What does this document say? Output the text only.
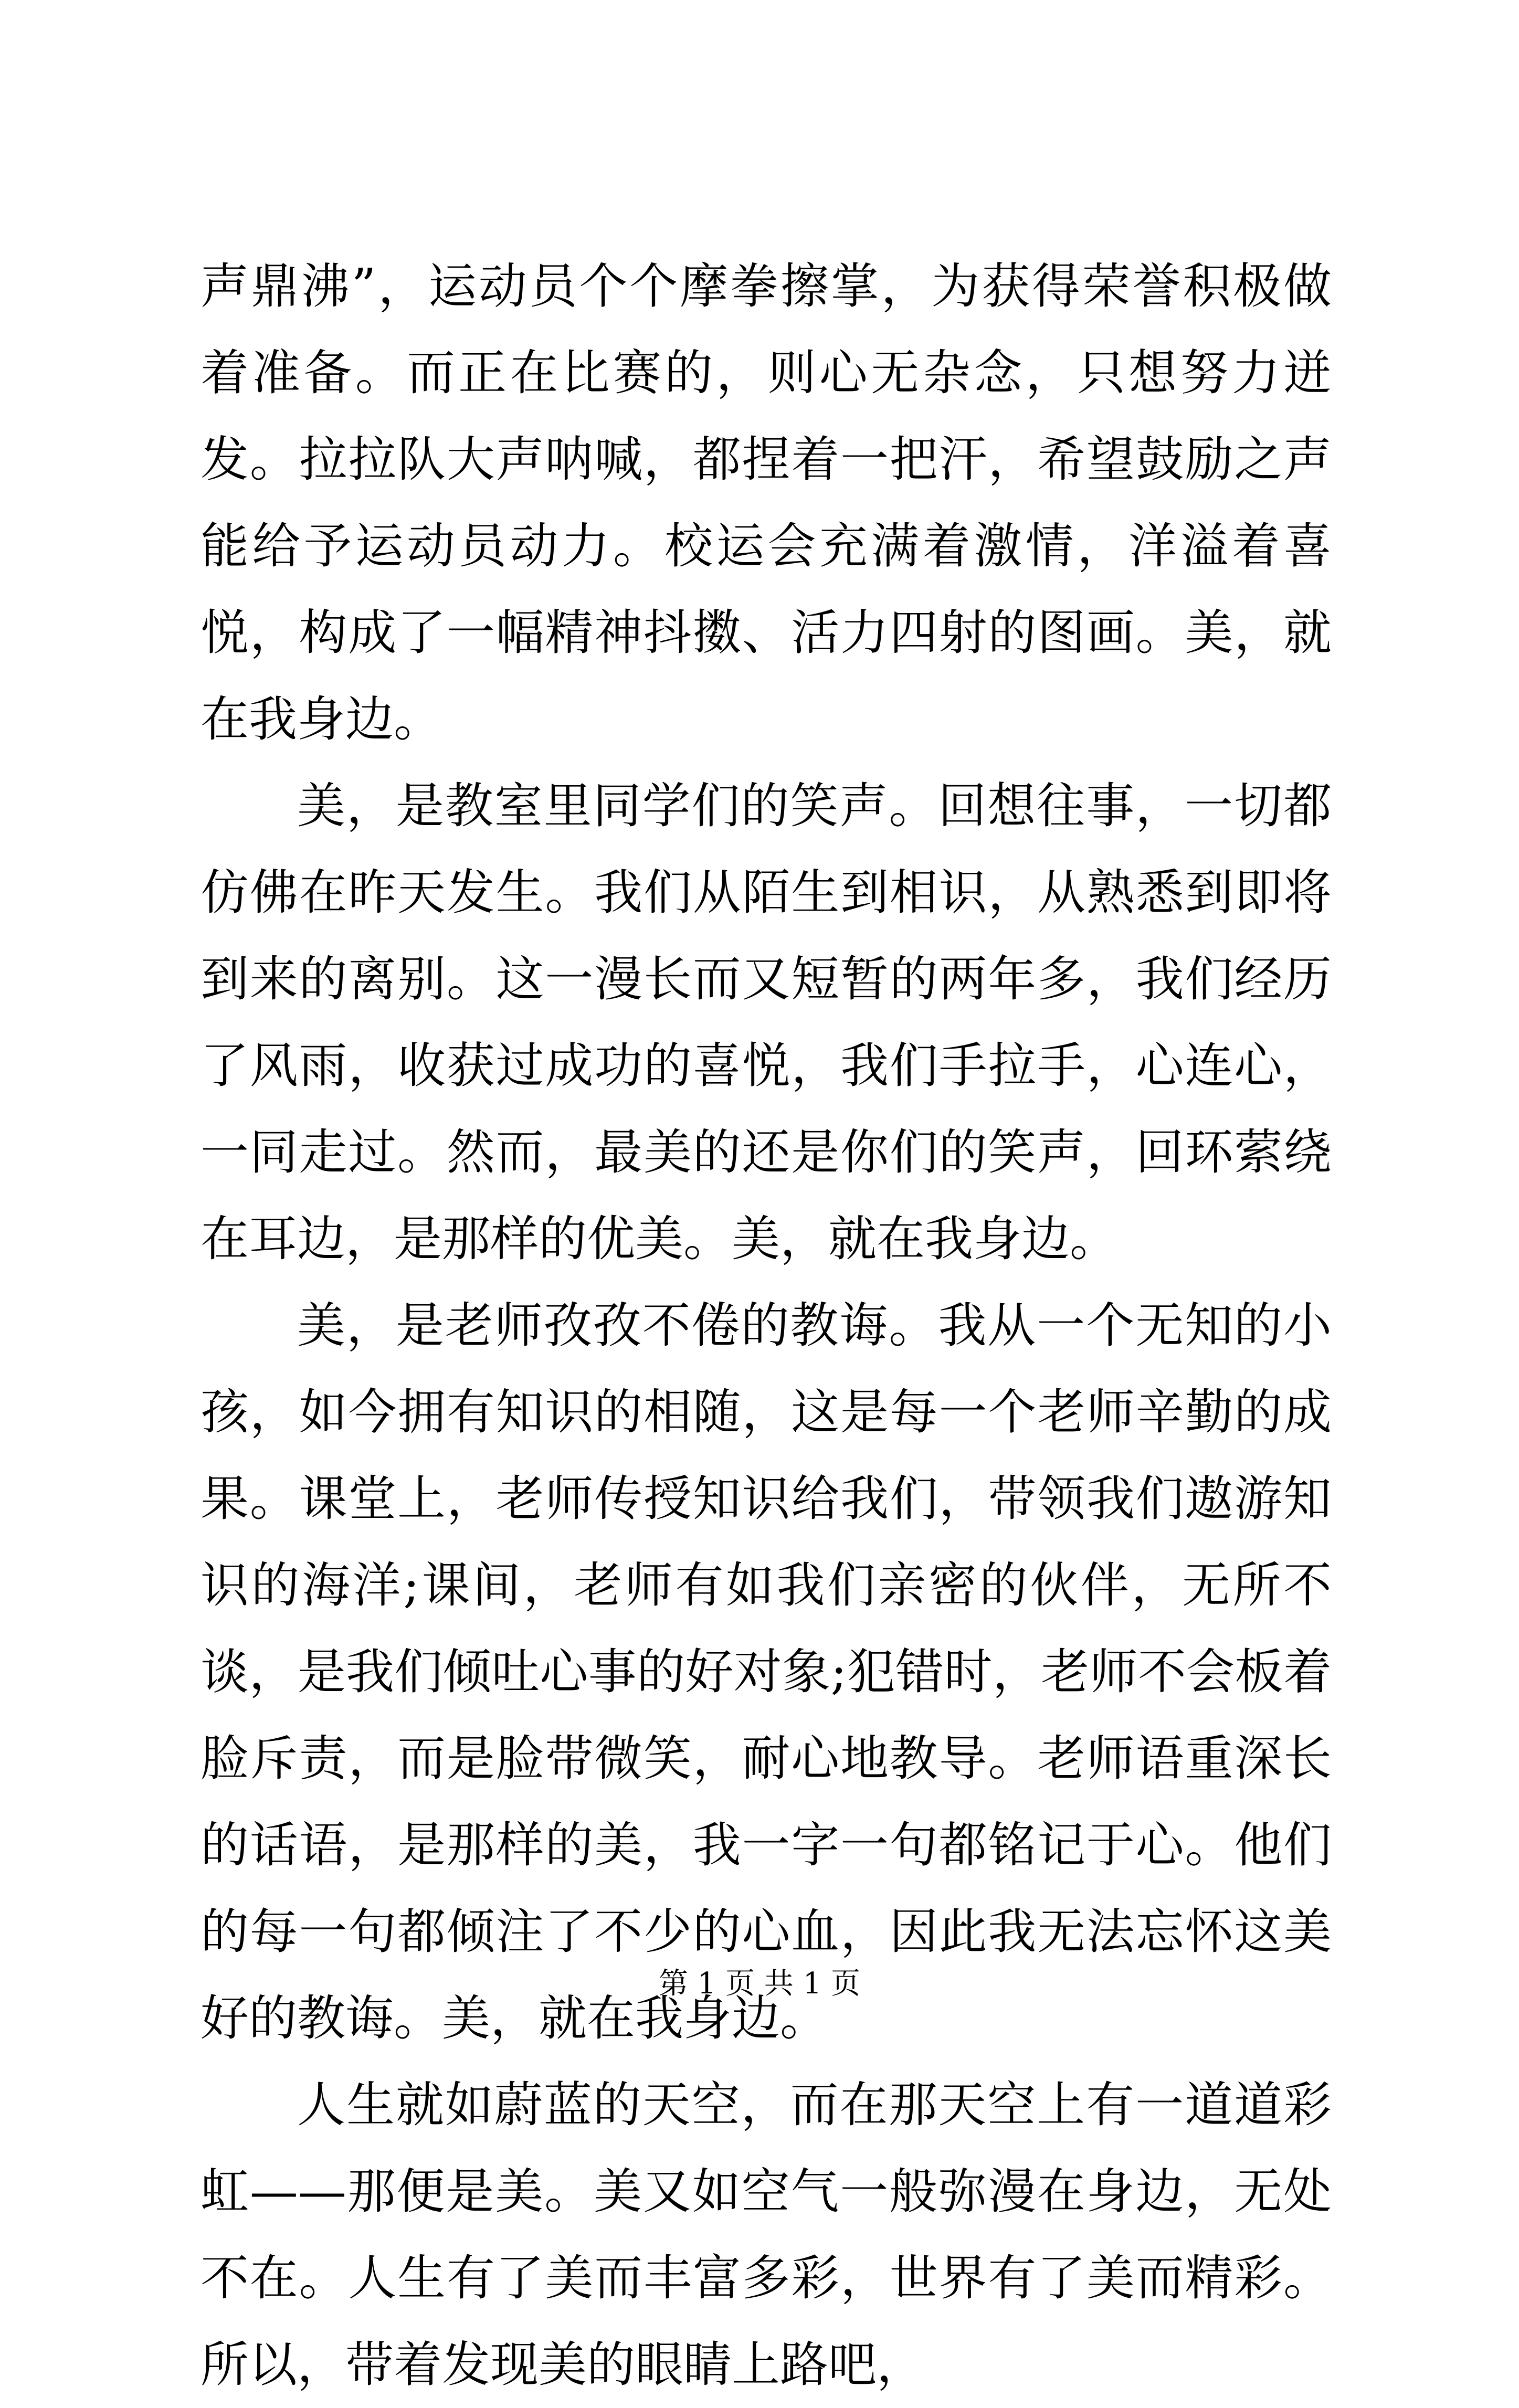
声鼎沸”，运动员个个摩拳擦掌，为获得荣誉积极做着准备。而正在比赛的，则心无杂念，只想努力迸发。拉拉队大声呐喊，都捏着一把汗，希望鼓励之声能给予运动员动力。校运会充满着激情，洋溢着喜悦，构成了一幅精神抖擞、活力四射的图画。美，就在我身边。

美，是教室里同学们的笑声。回想往事，一切都仿佛在昨天发生。我们从陌生到相识，从熟悉到即将到来的离别。这一漫长而又短暂的两年多，我们经历了风雨，收获过成功的喜悦，我们手拉手，心连心，一同走过。然而，最美的还是你们的笑声，回环萦绕在耳边，是那样的优美。美，就在我身边。

美，是老师孜孜不倦的教诲。我从一个无知的小孩，如今拥有知识的相随，这是每一个老师辛勤的成果。课堂上，老师传授知识给我们，带领我们遨游知识的海洋;课间，老师有如我们亲密的伙伴，无所不谈，是我们倾吐心事的好对象;犯错时，老师不会板着脸斥责，而是脸带微笑，耐心地教导。老师语重深长的话语，是那样的美，我一字一句都铭记于心。他们的每一句都倾注了不少的心血，因此我无法忘怀这美好的教诲。美，就在我身边。

人生就如蔚蓝的天空，而在那天空上有一道道彩虹——那便是美。美又如空气一般弥漫在身边，无处不在。人生有了美而丰富多彩，世界有了美而精彩。所以，带着发现美的眼睛上路吧，

第 1 页 共 1 页
